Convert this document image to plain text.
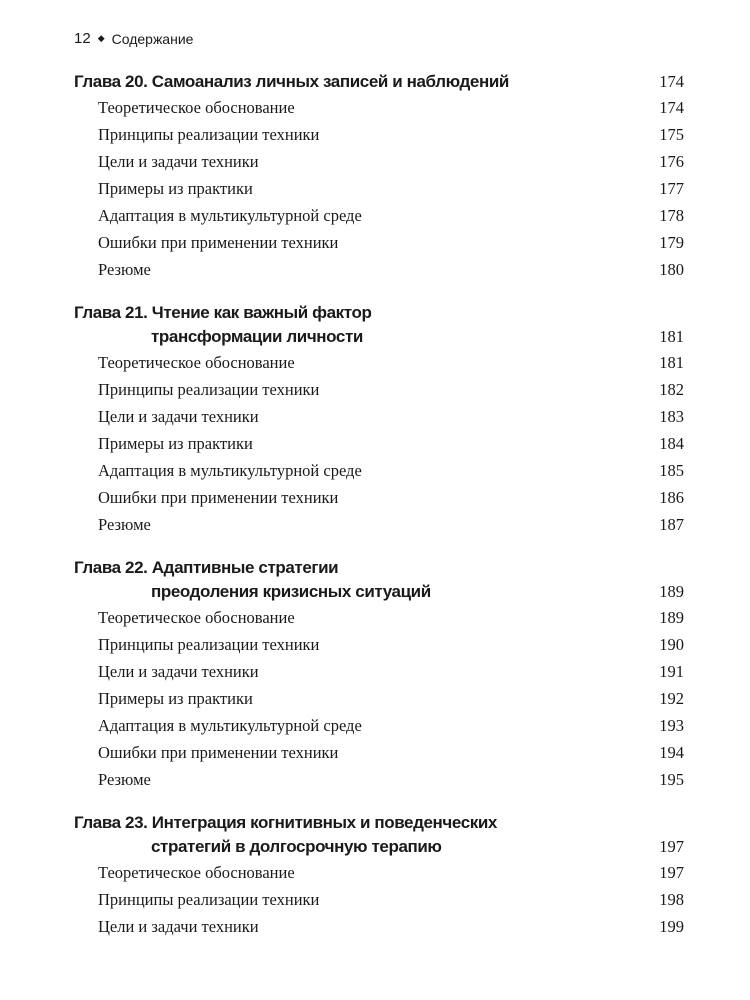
12 ◆ Содержание
Глава 20. Самоанализ личных записей и наблюдений	174
Теоретическое обоснование	174
Принципы реализации техники	175
Цели и задачи техники	176
Примеры из практики	177
Адаптация в мультикультурной среде	178
Ошибки при применении техники	179
Резюме	180
Глава 21. Чтение как важный фактор
трансформации личности	181
Теоретическое обоснование	181
Принципы реализации техники	182
Цели и задачи техники	183
Примеры из практики	184
Адаптация в мультикультурной среде	185
Ошибки при применении техники	186
Резюме	187
Глава 22. Адаптивные стратегии
преодоления кризисных ситуаций	189
Теоретическое обоснование	189
Принципы реализации техники	190
Цели и задачи техники	191
Примеры из практики	192
Адаптация в мультикультурной среде	193
Ошибки при применении техники	194
Резюме	195
Глава 23. Интеграция когнитивных и поведенческих
стратегий в долгосрочную терапию	197
Теоретическое обоснование	197
Принципы реализации техники	198
Цели и задачи техники	199
